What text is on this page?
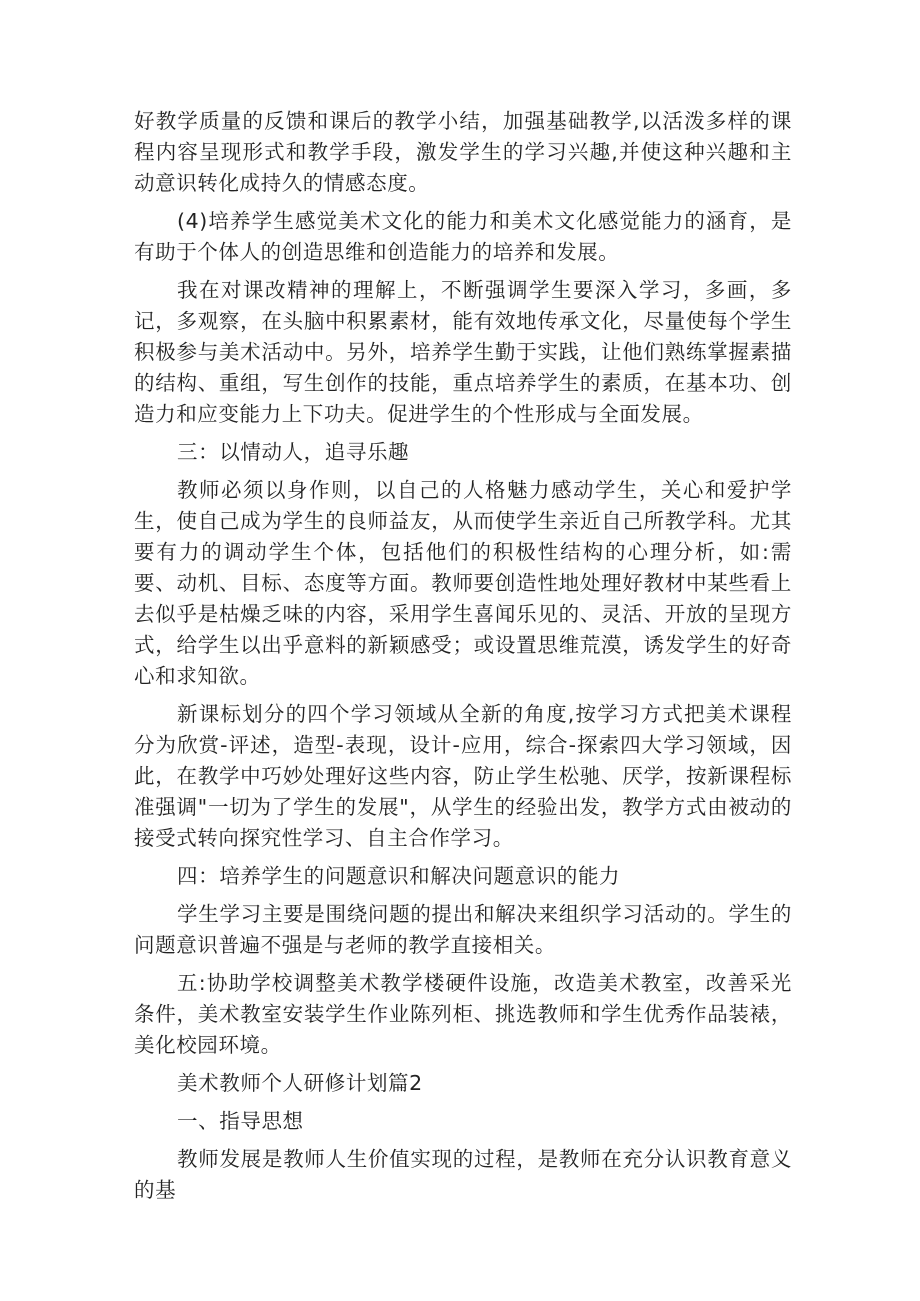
好教学质量的反馈和课后的教学小结，加强基础教学,以活泼多样的课程内容呈现形式和教学手段，激发学生的学习兴趣,并使这种兴趣和主动意识转化成持久的情感态度。

(4)培养学生感觉美术文化的能力和美术文化感觉能力的涵育，是有助于个体人的创造思维和创造能力的培养和发展。

我在对课改精神的理解上，不断强调学生要深入学习，多画，多记，多观察，在头脑中积累素材，能有效地传承文化，尽量使每个学生积极参与美术活动中。另外，培养学生勤于实践，让他们熟练掌握素描的结构、重组，写生创作的技能，重点培养学生的素质，在基本功、创造力和应变能力上下功夫。促进学生的个性形成与全面发展。

三：以情动人，追寻乐趣

教师必须以身作则，以自己的人格魅力感动学生，关心和爱护学生，使自己成为学生的良师益友，从而使学生亲近自己所教学科。尤其要有力的调动学生个体，包括他们的积极性结构的心理分析，如:需要、动机、目标、态度等方面。教师要创造性地处理好教材中某些看上去似乎是枯燥乏味的内容，采用学生喜闻乐见的、灵活、开放的呈现方式，给学生以出乎意料的新颖感受；或设置思维荒漠，诱发学生的好奇心和求知欲。

新课标划分的四个学习领域从全新的角度,按学习方式把美术课程分为欣赏-评述，造型-表现，设计-应用，综合-探索四大学习领域，因此，在教学中巧妙处理好这些内容，防止学生松驰、厌学，按新课程标准强调"一切为了学生的发展"，从学生的经验出发，教学方式由被动的接受式转向探究性学习、自主合作学习。

四：培养学生的问题意识和解决问题意识的能力

学生学习主要是围绕问题的提出和解决来组织学习活动的。学生的问题意识普遍不强是与老师的教学直接相关。

五:协助学校调整美术教学楼硬件设施，改造美术教室，改善采光条件，美术教室安装学生作业陈列柜、挑选教师和学生优秀作品装裱，美化校园环境。

美术教师个人研修计划篇2

一、指导思想

教师发展是教师人生价值实现的过程，是教师在充分认识教育意义的基
